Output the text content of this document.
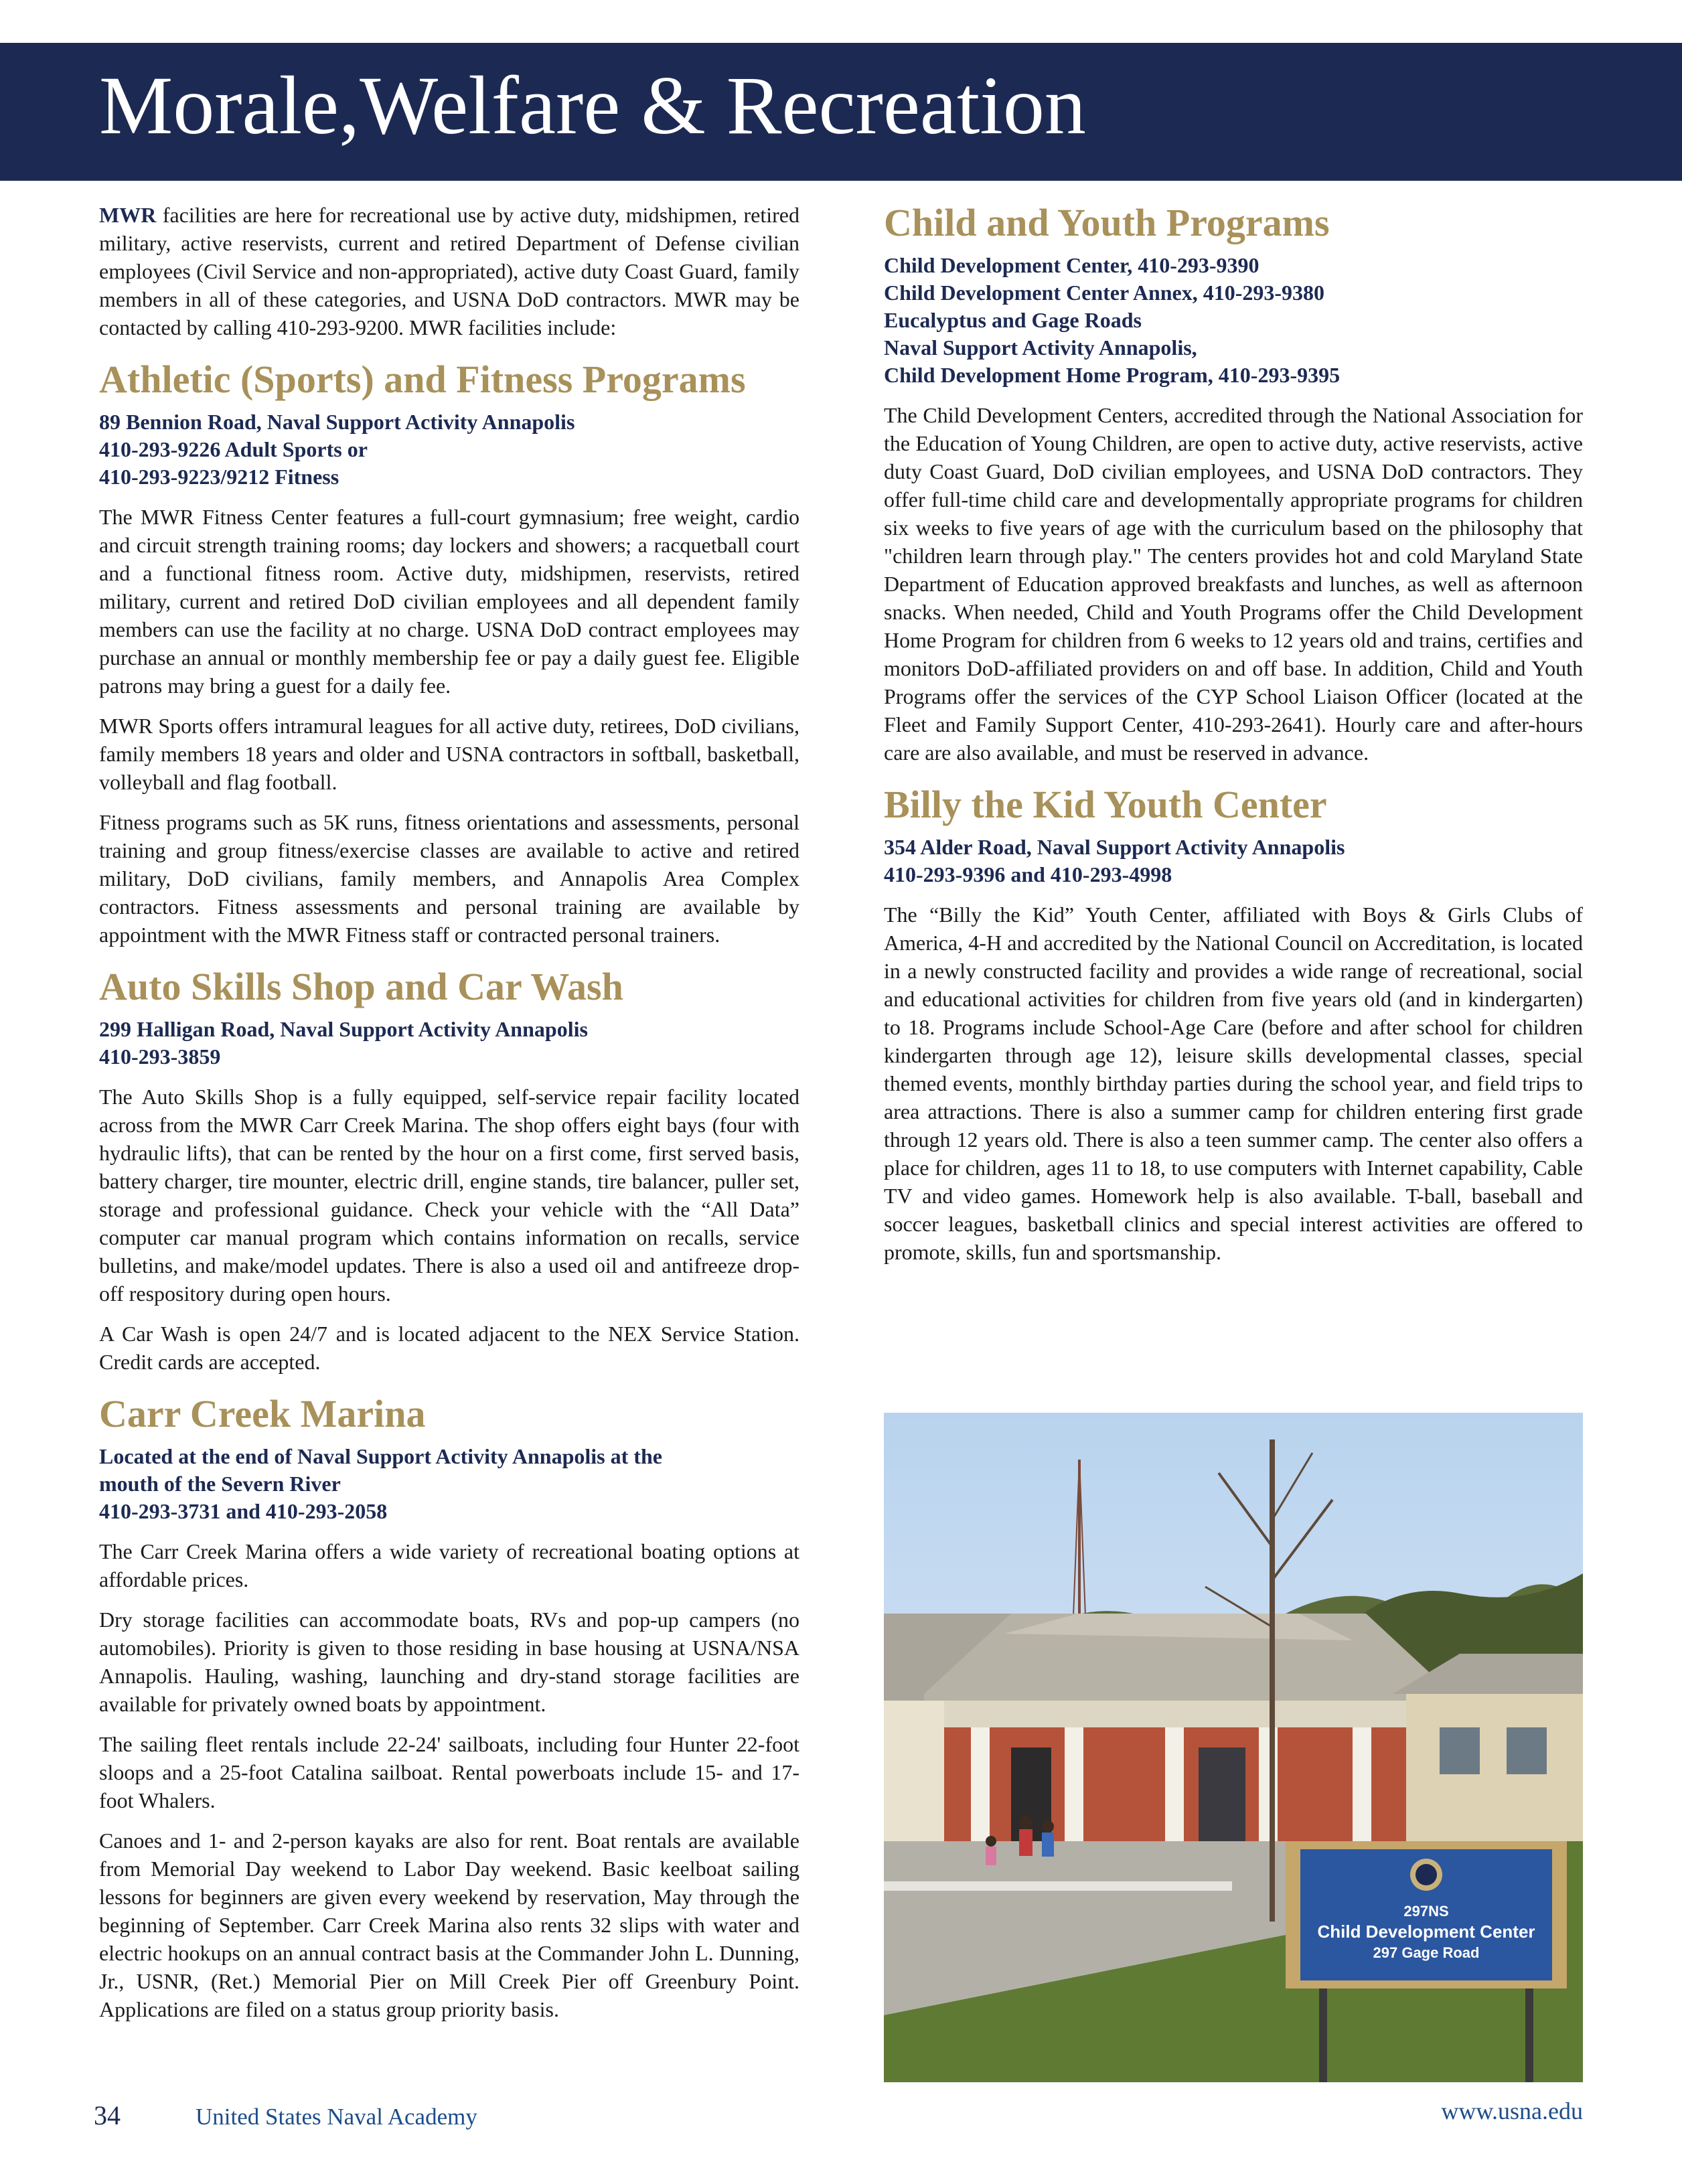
Morale,Welfare & Recreation

MWR facilities are here for recreational use by active duty, midshipmen, retired military, active reservists, current and retired Department of Defense civilian employees (Civil Service and non-appropriated), active duty Coast Guard, family members in all of these categories, and USNA DoD contractors. MWR may be contacted by calling 410-293-9200. MWR facilities include:

Athletic (Sports) and Fitness Programs
89 Bennion Road, Naval Support Activity Annapolis
410-293-9226 Adult Sports or
410-293-9223/9212 Fitness

The MWR Fitness Center features a full-court gymnasium; free weight, cardio and circuit strength training rooms; day lockers and showers; a racquetball court and a functional fitness room. Active duty, midshipmen, reservists, retired military, current and retired DoD civilian employees and all dependent family members can use the facility at no charge. USNA DoD contract employees may purchase an annual or monthly membership fee or pay a daily guest fee. Eligible patrons may bring a guest for a daily fee.

MWR Sports offers intramural leagues for all active duty, retirees, DoD civilians, family members 18 years and older and USNA contractors in softball, basketball, volleyball and flag football.

Fitness programs such as 5K runs, fitness orientations and assessments, personal training and group fitness/exercise classes are available to active and retired military, DoD civilians, family members, and Annapolis Area Complex contractors. Fitness assessments and personal training are available by appointment with the MWR Fitness staff or contracted personal trainers.

Auto Skills Shop and Car Wash
299 Halligan Road, Naval Support Activity Annapolis
410-293-3859

The Auto Skills Shop is a fully equipped, self-service repair facility located across from the MWR Carr Creek Marina. The shop offers eight bays (four with hydraulic lifts), that can be rented by the hour on a first come, first served basis, battery charger, tire mounter, electric drill, engine stands, tire balancer, puller set, storage and professional guidance. Check your vehicle with the “All Data” computer car manual program which contains information on recalls, service bulletins, and make/model updates. There is also a used oil and antifreeze drop-off respository during open hours.

A Car Wash is open 24/7 and is located adjacent to the NEX Service Station. Credit cards are accepted.

Carr Creek Marina
Located at the end of Naval Support Activity Annapolis at the
mouth of the Severn River
410-293-3731 and 410-293-2058

The Carr Creek Marina offers a wide variety of recreational boating options at affordable prices.

Dry storage facilities can accommodate boats, RVs and pop-up campers (no automobiles). Priority is given to those residing in base housing at USNA/NSA Annapolis. Hauling, washing, launching and dry-stand storage facilities are available for privately owned boats by appointment.

The sailing fleet rentals include 22-24' sailboats, including four Hunter 22-foot sloops and a 25-foot Catalina sailboat. Rental powerboats include 15- and 17-foot Whalers.

Canoes and 1- and 2-person kayaks are also for rent. Boat rentals are available from Memorial Day weekend to Labor Day weekend. Basic keelboat sailing lessons for beginners are given every weekend by reservation, May through the beginning of September. Carr Creek Marina also rents 32 slips with water and electric hookups on an annual contract basis at the Commander John L. Dunning, Jr., USNR, (Ret.) Memorial Pier on Mill Creek Pier off Greenbury Point. Applications are filed on a status group priority basis.

Child and Youth Programs
Child Development Center, 410-293-9390
Child Development Center Annex, 410-293-9380
Eucalyptus and Gage Roads
Naval Support Activity Annapolis,
Child Development Home Program, 410-293-9395

The Child Development Centers, accredited through the National Association for the Education of Young Children, are open to active duty, active reservists, active duty Coast Guard, DoD civilian employees, and USNA DoD contractors. They offer full-time child care and developmentally appropriate programs for children six weeks to five years of age with the curriculum based on the philosophy that "children learn through play." The centers provides hot and cold Maryland State Department of Education approved breakfasts and lunches, as well as afternoon snacks. When needed, Child and Youth Programs offer the Child Development Home Program for children from 6 weeks to 12 years old and trains, certifies and monitors DoD-affiliated providers on and off base. In addition, Child and Youth Programs offer the services of the CYP School Liaison Officer (located at the Fleet and Family Support Center, 410-293-2641). Hourly care and after-hours care are also available, and must be reserved in advance.

Billy the Kid Youth Center
354 Alder Road, Naval Support Activity Annapolis
410-293-9396 and 410-293-4998

The “Billy the Kid” Youth Center, affiliated with Boys & Girls Clubs of America, 4-H and accredited by the National Council on Accreditation, is located in a newly constructed facility and provides a wide range of recreational, social and educational activities for children from five years old (and in kindergarten) to 18. Programs include School-Age Care (before and after school for children kindergarten through age 12), leisure skills developmental classes, special themed events, monthly birthday parties during the school year, and field trips to area attractions. There is also a summer camp for children entering first grade through 12 years old. There is also a teen summer camp. The center also offers a place for children, ages 11 to 18, to use computers with Internet capability, Cable TV and video games. Homework help is also available. T-ball, baseball and soccer leagues, basketball clinics and special interest activities are offered to promote, skills, fun and sportsmanship.

297NS
Child Development Center
297 Gage Road
34	United States Naval Academy	www.usna.edu
